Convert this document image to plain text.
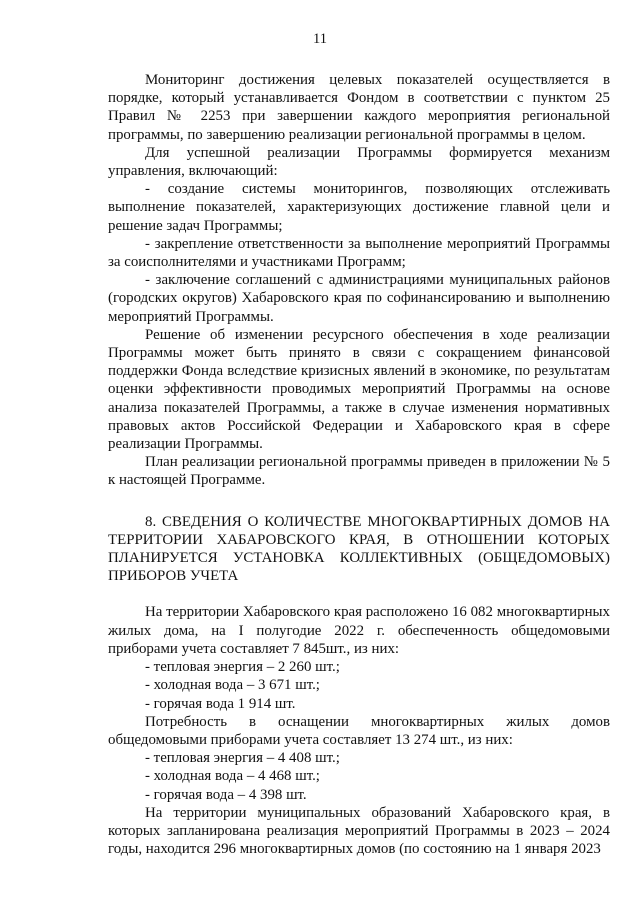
11

Мониторинг достижения целевых показателей осуществляется в порядке, который устанавливается Фондом в соответствии с пунктом 25 Правил № 2253 при завершении каждого мероприятия региональной программы, по завершению реализации региональной программы в целом.

Для успешной реализации Программы формируется механизм управления, включающий:

- создание системы мониторингов, позволяющих отслеживать выполнение показателей, характеризующих достижение главной цели и решение задач Программы;

- закрепление ответственности за выполнение мероприятий Программы за соисполнителями и участниками Программ;

- заключение соглашений с администрациями муниципальных районов (городских округов) Хабаровского края по софинансированию и выполнению мероприятий Программы.

Решение об изменении ресурсного обеспечения в ходе реализации Программы может быть принято в связи с сокращением финансовой поддержки Фонда вследствие кризисных явлений в экономике, по результатам оценки эффективности проводимых мероприятий Программы на основе анализа показателей Программы, а также в случае изменения нормативных правовых актов Российской Федерации и Хабаровского края в сфере реализации Программы.

План реализации региональной программы приведен в приложении № 5 к настоящей Программе.

8. СВЕДЕНИЯ О КОЛИЧЕСТВЕ МНОГОКВАРТИРНЫХ ДОМОВ НА ТЕРРИТОРИИ ХАБАРОВСКОГО КРАЯ, В ОТНОШЕНИИ КОТОРЫХ ПЛАНИРУЕТСЯ УСТАНОВКА КОЛЛЕКТИВНЫХ (ОБЩЕДОМОВЫХ) ПРИБОРОВ УЧЕТА

На территории Хабаровского края расположено 16 082 многоквартирных жилых дома, на I полугодие 2022 г. обеспеченность общедомовыми приборами учета составляет 7 845шт., из них:

- тепловая энергия – 2 260 шт.;

- холодная вода – 3 671 шт.;

- горячая вода 1 914 шт.

Потребность в оснащении многоквартирных жилых домов общедомовыми приборами учета составляет 13 274 шт., из них:

- тепловая энергия – 4 408 шт.;

- холодная вода – 4 468 шт.;

- горячая вода – 4 398 шт.

На территории муниципальных образований Хабаровского края, в которых запланирована реализация мероприятий Программы в 2023 – 2024 годы, находится 296 многоквартирных домов (по состоянию на 1 января 2023
